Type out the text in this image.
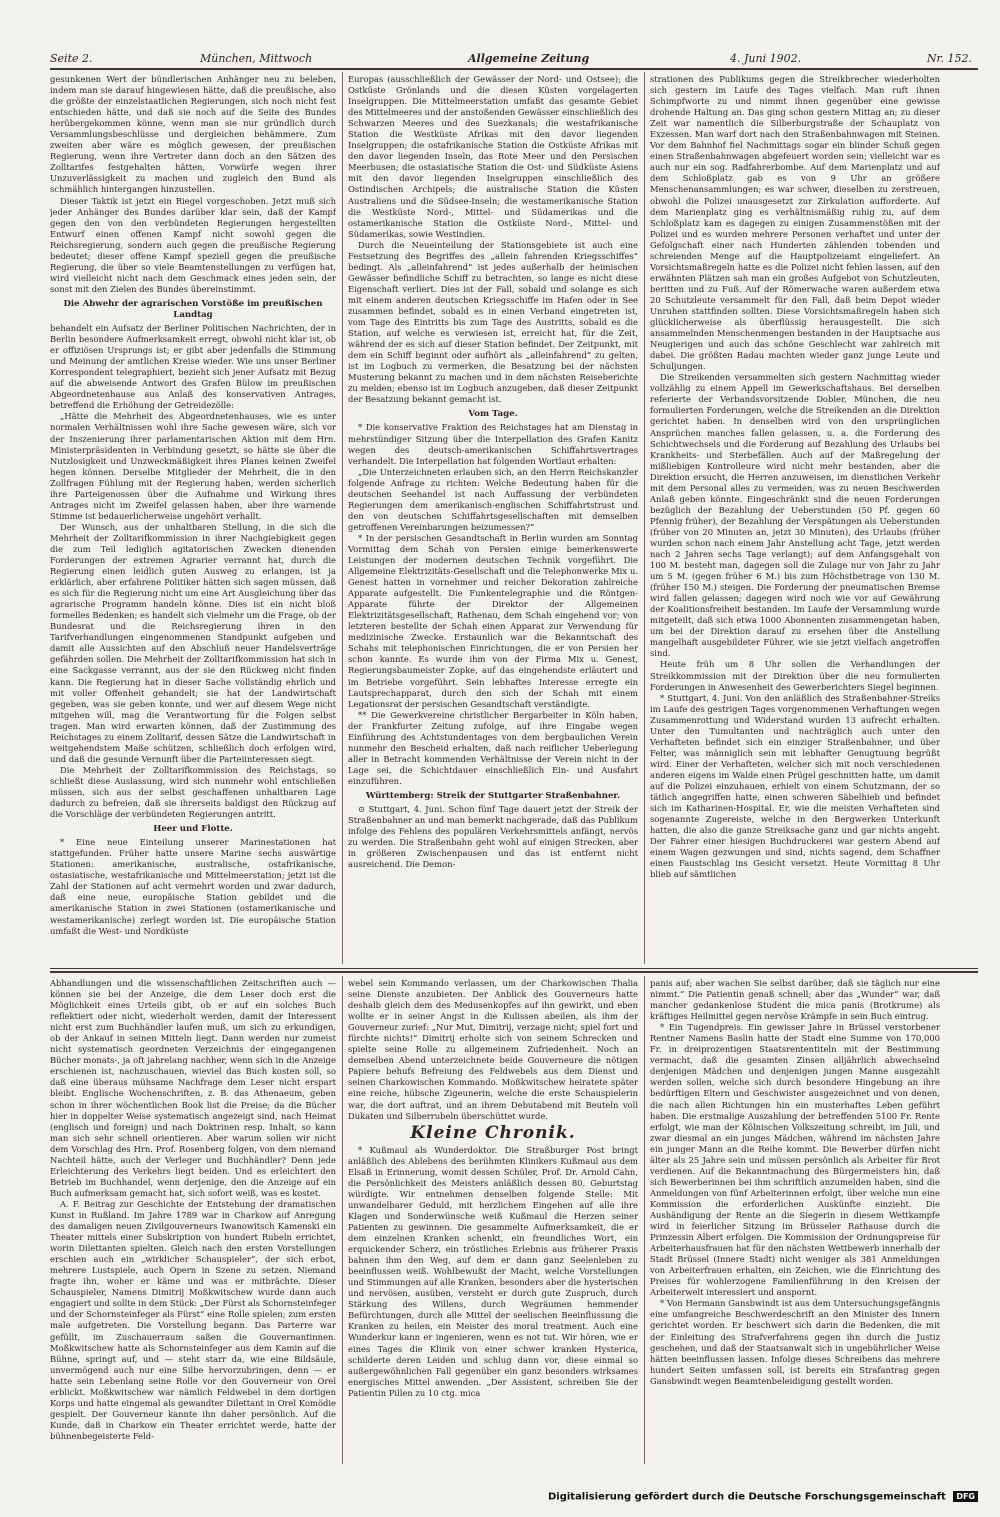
Seite 2.	München, Mittwoch	Allgemeine Zeitung	4. Juni 1902.	Nr. 152.

gesunkenen Wert der bündlerischen Anhänger neu zu beleben, indem man sie darauf hingewiesen hätte, daß die preußische, also die größte der einzelstaatlichen Regierungen, sich noch nicht fest entschieden hätte, und daß sie noch auf die Seite des Bundes herübergekommen könne, wenn man sie nur gründlich durch Versammlungsbeschlüsse und dergleichen behämmere. Zum zweiten aber wäre es möglich gewesen, der preußischen Regierung, wenn ihre Vertreter dann doch an den Sätzen des Zolltarifes festgehalten hätten, Vorwürfe wegen ihrer Unzuverlässigkeit zu machen und zugleich den Bund als schmählich hintergangen hinzustellen.

Dieser Taktik ist jetzt ein Riegel vorgeschoben. Jetzt muß sich jeder Anhänger des Bundes darüber klar sein, daß der Kampf gegen den von den verbündeten Regierungen hergestellten Entwurf einen offenen Kampf nicht sowohl gegen die Reichsregierung, sondern auch gegen die preußische Regierung bedeutet; dieser offene Kampf speziell gegen die preußische Regierung, die über so viele Beamtenstellungen zu verfügen hat, wird vielleicht nicht nach dem Geschmack eines jeden sein, der sonst mit den Zielen des Bundes übereinstimmt.

Die Abwehr der agrarischen Vorstöße im preußischen Landtag

behandelt ein Aufsatz der Berliner Politischen Nachrichten, der in Berlin besondere Aufmerksamkeit erregt, obwohl nicht klar ist, ob er offiziösen Ursprungs ist; er gibt aber jedenfalls die Stimmung und Meinung der amtlichen Kreise wieder. Wie uns unser Berliner Korrespondent telegraphiert, bezieht sich jener Aufsatz mit Bezug auf die abweisende Antwort des Grafen Bülow im preußischen Abgeordnetenhause aus Anlaß des konservativen Antrages, betreffend die Erhöhung der Getreidezölle:

„Hätte die Mehrheit des Abgeordnetenhauses, wie es unter normalen Verhältnissen wohl ihre Sache gewesen wäre, sich vor der Inszenierung ihrer parlamentarischen Aktion mit dem Hrn. Ministerpräsidenten in Verbindung gesetzt, so hätte sie über die Nutzlosigkeit und Unzweckmäßigkeit ihres Planes keinen Zweifel hegen können. Derselbe Mitglieder der Mehrheit, die in den Zollfragen Fühlung mit der Regierung haben, werden sicherlich ihre Parteigenossen über die Aufnahme und Wirkung ihres Antrages nicht im Zweifel gelassen haben, aber ihre warnende Stimme ist bedauerlicherweise ungehört verhallt.

Der Wunsch, aus der unhaltbaren Stellung, in die sich die Mehrheit der Zolltarifkommission in ihrer Nachgiebigkeit gegen die zum Teil lediglich agitatorischen Zwecken dienenden Forderungen der extremen Agrarier verrannt hat, durch die Regierung einen leidlich guten Ausweg zu erlangen, ist ja erklärlich, aber erfahrene Politiker hätten sich sagen müssen, daß es sich für die Regierung nicht um eine Art Ausgleichung über das agrarische Programm handeln könne. Dies ist ein nicht bloß formelles Bedenken; es handelt sich vielmehr um die Frage, ob der Bundesrat und die Reichsregierung ihren in den Tarifverhandlungen eingenommenen Standpunkt aufgeben und damit alle Aussichten auf den Abschluß neuer Handelsverträge gefährden sollen. Die Mehrheit der Zolltarifkommission hat sich in eine Sackgasse verrannt, aus der sie den Rückweg nicht finden kann. Die Regierung hat in dieser Sache vollständig ehrlich und mit voller Offenheit gehandelt; sie hat der Landwirtschaft gegeben, was sie geben konnte, und wer auf diesem Wege nicht mitgehen will, mag die Verantwortung für die Folgen selbst tragen. Man wird erwarten können, daß der Zustimmung des Reichstages zu einem Zolltarif, dessen Sätze die Landwirtschaft in weitgehendstem Maße schützen, schließlich doch erfolgen wird, und daß die gesunde Vernunft über die Parteiinteressen siegt.

Die Mehrheit der Zolltarifkommission des Reichstags, so schließt diese Auslassung, wird sich nunmehr wohl entschließen müssen, sich aus der selbst geschaffenen unhaltbaren Lage dadurch zu befreien, daß sie ihrerseits baldigst den Rückzug auf die Vorschläge der verbündeten Regierungen antritt.

Heer und Flotte.

* Eine neue Einteilung unserer Marinestationen hat stattgefunden. Früher hatte unsere Marine sechs auswärtige Stationen: amerikanische, australische, ostafrikanische, ostasiatische, westafrikanische und Mittelmeerstation; jetzt ist die Zahl der Stationen auf acht vermehrt worden und zwar dadurch, daß eine neue, europäische Station gebildet und die amerikanische Station in zwei Stationen (ostamerikanische und westamerikanische) zerlegt worden ist. Die europäische Station umfaßt die West- und Nordküste

Europas (ausschließlich der Gewässer der Nord- und Ostsee); die Ostküste Grönlands und die diesen Küsten vorgelagerten Inselgruppen. Die Mittelmeerstation umfaßt das gesamte Gebiet des Mittelmeeres und der anstoßenden Gewässer einschließlich des Schwarzen Meeres und des Suezkanals; die westafrikanische Station die Westküste Afrikas mit den davor liegenden Inselgruppen; die ostafrikanische Station die Ostküste Afrikas mit den davor liegenden Inseln, das Rote Meer und den Persischen Meerbusen; die ostasiatische Station die Ost- und Südküste Asiens mit den davor liegenden Inselgruppen einschließlich des Ostindischen Archipels; die australische Station die Küsten Australiens und die Südsee-Inseln; die westamerikanische Station die Westküste Nord-, Mittel- und Südamerikas und die ostamerikanische Station die Ostküste Nord-, Mittel- und Südamerikas, sowie Westindien.

Durch die Neueinteilung der Stationsgebiete ist auch eine Festsetzung des Begriffes des „allein fahrenden Kriegsschiffes“ bedingt. Als „alleinfahrend“ ist jedes außerhalb der heimischen Gewässer befindliche Schiff zu betrachten, so lange es nicht diese Eigenschaft verliert. Dies ist der Fall, sobald und solange es sich mit einem anderen deutschen Kriegsschiffe im Hafen oder in See zusammen befindet, sobald es in einen Verband eingetreten ist, vom Tage des Eintritts bis zum Tage des Austritts, sobald es die Station, auf welche es verwiesen ist, erreicht hat, für die Zeit, während der es sich auf dieser Station befindet. Der Zeitpunkt, mit dem ein Schiff beginnt oder aufhört als „alleinfahrend“ zu gelten, ist im Logbuch zu vermerken, die Besatzung bei der nächsten Musterung bekannt zu machen und in dem nächsten Reiseberichte zu melden; ebenso ist im Logbuch anzugeben, daß dieser Zeitpunkt der Besatzung bekannt gemacht ist.

Vom Tage.

* Die konservative Fraktion des Reichstages hat am Dienstag in mehrstündiger Sitzung über die Interpellation des Grafen Kanitz wegen des deutsch-amerikanischen Schiffahrtsvertrages verhandelt. Die Interpellation hat folgenden Wortlaut erhalten:

„Die Unterzeichneten erlauben sich, an den Herrn Reichskanzler folgende Anfrage zu richten: Welche Bedeutung haben für die deutschen Seehandel ist nach Auffassung der verbündeten Regierungen dem amerikanisch-englischen Schiffahrtstrust und den von deutschen Schiffahrtsgesellschaften mit demselben getroffenen Vereinbarungen beizumessen?“

* In der persischen Gesandtschaft in Berlin wurden am Sonntag Vormittag dem Schah von Persien einige bemerkenswerte Leistungen der modernen deutschen Technik vorgeführt. Die Allgemeine Elektrizitäts-Gesellschaft und die Telephonwerke Mix u. Genest hatten in vornehmer und reicher Dekoration zahlreiche Apparate aufgestellt. Die Funkentelegraphie und die Röntgen-Apparate führte der Direktor der Allgemeinen Elektrizitätsgesellschaft, Rathenau, dem Schah eingehend vor; von letzteren bestellte der Schah einen Apparat zur Verwendung für medizinische Zwecke. Erstaunlich war die Bekanntschaft des Schahs mit telephonischen Einrichtungen, die er von Persien her schon kannte. Es wurde ihm von der Firma Mix u. Genest, Regierungsbaumeister Zopke, auf das eingehendste erläutert und im Betriebe vorgeführt. Sein lebhaftes Interesse erregte ein Lautsprechapparat, durch den sich der Schah mit einem Legationsrat der persischen Gesandtschaft verständigte.

** Die Gewerkvereine christlicher Bergarbeiter in Köln haben, der Frankfurter Zeitung zufolge, auf ihre Eingabe wegen Einführung des Achtstundentages von dem bergbaulichen Verein nunmehr den Bescheid erhalten, daß nach reiflicher Ueberlegung aller in Betracht kommenden Verhältnisse der Verein nicht in der Lage sei, die Schichtdauer einschließlich Ein- und Ausfahrt einzuführen.

Württemberg: Streik der Stuttgarter Straßenbahner.

⊙ Stuttgart, 4. Juni. Schon fünf Tage dauert jetzt der Streik der Straßenbahner an und man bemerkt nachgerade, daß das Publikum infolge des Fehlens des populären Verkehrsmittels anfängt, nervös zu werden. Die Straßenbahn geht wohl auf einigen Strecken, aber in größeren Zwischenpausen und das ist entfernt nicht ausreichend. Die Demon-

strationen des Publikums gegen die Streikbrecher wiederholten sich gestern im Laufe des Tages vielfach. Man ruft ihnen Schimpfworte zu und nimmt ihnen gegenüber eine gewisse drohende Haltung an. Das ging schon gestern Mittag an; zu dieser Zeit war namentlich die Silberburgstraße der Schauplatz von Exzessen. Man warf dort nach den Straßenbahnwagen mit Steinen. Vor dem Bahnhof fiel Nachmittags sogar ein blinder Schuß gegen einen Straßenbahnwagen abgefeuert worden sein; vielleicht war es auch nur ein sog. Radfahrerbombe. Auf dem Marienplatz und auf dem Schloßplatz gab es von 9 Uhr an größere Menschenansammlungen; es war schwer, dieselben zu zerstreuen, obwohl die Polizei unausgesetzt zur Zirkulation aufforderte. Auf dem Marienplatz ging es verhältnismäßig ruhig zu, auf dem Schloßplatz kam es dagegen zu einigen Zusammenstößen mit der Polizei und es wurden mehrere Personen verhaftet und unter der Gefolgschaft einer nach Hunderten zählenden tobenden und schreienden Menge auf die Hauptpolizeiamt eingeliefert. An Vorsichtsmaßregeln hatte es die Polizei nicht fehlen lassen, auf den erwähnten Plätzen sah man ein großes Aufgebot von Schutzleuten, beritten und zu Fuß. Auf der Römerwache waren außerdem etwa 20 Schutzleute versammelt für den Fall, daß beim Depot wieder Unruhen stattfinden sollten. Diese Vorsichtsmaßregeln haben sich glücklicherweise als überflüssig herausgestellt. Die sich ansammelnden Menschenmengen bestanden in der Hauptsache aus Neugierigen und auch das schöne Geschlecht war zahlreich mit dabei. Die größten Radau machten wieder ganz junge Leute und Schuljungen.

Die Streikenden versammelten sich gestern Nachmittag wieder vollzählig zu einem Appell im Gewerkschaftshaus. Bei derselben referierte der Verbandsvorsitzende Dobler, München, die neu formulierten Forderungen, welche die Streikenden an die Direktion gerichtet haben. In denselben wird von den ursprünglichen Ansprüchen manches fallen gelassen, u. a. die Forderung des Schichtwechsels und die Forderung auf Bezahlung des Urlaubs bei Krankheits- und Sterbefällen. Auch auf der Maßregelung der mißliebigen Kontrolleure wird nicht mehr bestanden, aber die Direktion ersucht, die Herren anzuweisen, im dienstlichen Verkehr mit dem Personal alles zu vermeiden, was zu neuen Beschwerden Anlaß geben könnte. Eingeschränkt sind die neuen Forderungen bezüglich der Bezahlung der Ueberstunden (50 Pf. gegen 60 Pfennig früher), der Bezahlung der Verspätungen als Ueberstunden (früher von 20 Minuten an, jetzt 30 Minuten), des Urlaubs (früher wurden schon nach einem Jahr Anstellung acht Tage, jetzt werden nach 2 Jahren sechs Tage verlangt); auf dem Anfangsgehalt von 100 M. besteht man, dagegen soll die Zulage nur von Jahr zu Jahr um 5 M. (gegen früher 6 M.) bis zum Höchstbetrage von 130 M. (früher 150 M.) steigen. Die Forderung der pneumatischen Bremse wird fallen gelassen; dagegen wird noch wie vor auf Gewährung der Koalitionsfreiheit bestanden. Im Laufe der Versammlung wurde mitgeteilt, daß sich etwa 1000 Abonnenten zusammengetan haben, um bei der Direktion darauf zu ersehen über die Anstellung mangelhaft ausgebildeter Führer, wie sie jetzt vielfach angetroffen sind.

Heute früh um 8 Uhr sollen die Verhandlungen der Streikkommission mit der Direktion über die neu formulierten Forderungen in Anwesenheit des Gewerberichters Siegel beginnen.

* Stuttgart, 4. Juni. Von den anläßlich des Straßenbahner-Streiks im Laufe des gestrigen Tages vorgenommenen Verhaftungen wegen Zusammenrottung und Widerstand wurden 13 aufrecht erhalten. Unter den Tumultanten und nachträglich auch unter den Verhafteten befindet sich ein einziger Straßenbahner, und über Felter, was männiglich sein mit lebhafter Genugtuung begrüßt wird. Einer der Verhafteten, welcher sich mit noch verschiedenen anderen eigens im Walde einen Prügel geschnitten hatte, um damit auf die Polizei einzuhauen, erhielt von einem Schutzmann, der so tätlich angegriffen hatte, einen schweren Säbelhieb und befindet sich im Katharinen-Hospital. Er, wie die meisten Verhafteten sind sogenannte Zugereiste, welche in den Bergwerken Unterkunft hatten, die also die ganze Streiksache ganz und gar nichts angeht. Der Fahrer einer hiesigen Buchdruckerei war gestern Abend auf einem Wagen gezwungen und sind, nichts sagend, dem Schaffner einen Faustschlag ins Gesicht versetzt. Heute Vormittag 8 Uhr blieb auf sämtlichen

Abhandlungen und die wissenschaftlichen Zeitschriften auch — können sie bei der Anzeige, die dem Leser doch erst die Möglichkeit eines Urteils gibt, ob er auf ein solches Buch reflektiert oder nicht, wiederholt werden, damit der Interessent nicht erst zum Buchhändler laufen muß, um sich zu erkundigen, ob der Ankauf in seinen Mitteln liegt. Dann werden nur zumeist nicht systematisch geordneten Verzeichnis der eingegangenen Bücher monats-, ja oft jahrelang nachher, wenn sich in die Anzeige erschienen ist, nachzuschauen, wieviel das Buch kosten soll, so daß eine überaus mühsame Nachfrage dem Leser nicht erspart bleibt. Englische Wochenschriften, z. B. das Athenaeum, geben schon in ihrer wöchentlichen Book list die Preise; da die Bücher hier in doppelter Weise systematisch angezeigt sind, nach Heimat (englisch und foreign) und nach Doktrinen resp. Inhalt, so kann man sich sehr schnell orientieren. Aber warum sollen wir nicht dem Vorschlag des Hrn. Prof. Rosenberg folgen, von dem niemand Nachteil hätte, auch der Verleger und Buchhändler? Denn jede Erleichterung des Verkehrs liegt beiden. Und es erleichtert den Betrieb im Buchhandel, wenn derjenige, den die Anzeige auf ein Buch aufmerksam gemacht hat, sich sofort weiß, was es kostet.

A. F. Beitrag zur Geschichte der Entstehung der dramatischen Kunst in Rußland. Im Jahre 1789 war in Charkow auf Anregung des damaligen neuen Zivilgouverneurs Iwanowitsch Kamenski ein Theater mittels einer Subskription von hundert Rubeln errichtet, worin Dilettanten spielten. Gleich nach den ersten Vorstellungen erschien auch ein „wirklicher Schauspieler“, der sich erbot, mehrere Lustspiele, auch Opern in Szene zu setzen. Niemand fragte ihn, woher er käme und was er mitbrächte. Dieser Schauspieler, Namens Dimitrij Moßkwitschew wurde dann auch engagiert und sollte in dem Stück: „Der Fürst als Schornsteinfeger und der Schornsteinfeger als Fürst“ eine Rolle spielen; zum ersten male aufgetreten. Die Vorstellung begann. Das Parterre war gefüllt, im Zuschauerraum saßen die Gouvernantinnen. Moßkwitschew hatte als Schornsteinfeger aus dem Kamin auf die Bühne, springt auf, und — steht starr da, wie eine Bildsäule, unvermögend auch nur eine Silbe hervorzubringen, denn — er hatte sein Lebenlang seine Rolle vor den Gouverneur von Orel erblickt. Moßkwitschew war nämlich Feldwebel in dem dortigen Korps und hatte eingemal als gewandter Dilettant in Orel Komödie gespielt. Der Gouverneur kannte ihn daher persönlich. Auf die Kunde, daß in Charkow ein Theater errichtet werde, hatte der bühnenbegeisterte Feld-

webel sein Kommando verlassen, um der Charkowischen Thalia seine Dienste anzubieten. Der Anblick des Gouverneurs hatte deshalb gleich dem des Medusenkopfes auf ihn gewirkt, und eben wollte er in seiner Angst in die Kulissen abeilen, als ihm der Gouverneur zurief: „Nur Mut, Dimitrij, verzage nicht; spiel fort und fürchte nichts!“ Dimitrij erholte sich von seinem Schrecken und spielte seine Rolle zu allgemeinem Zufriedenheit. Noch an demselben Abend unterzeichnete beide Gouverneure die nötigen Papiere behufs Befreiung des Feldwebels aus dem Dienst und seinen Charkowischen Kommando. Moßkwitschew heiratete später eine reiche, hübsche Zigeunerin, welche die erste Schauspielerin war, die dort auftrat, und an ihrem Debutabend mit Beuteln voll Dukaten und Silberrubeln überschüttet wurde.

Kleine Chronik.

* Kußmaul als Wunderdoktor. Die Straßburger Post bringt anläßlich des Ablebens des berühmten Klinikers Kußmaul aus dem Elsaß in Erinnerung, womit dessen Schüler, Prof. Dr. Arnold Cahn, die Persönlichkeit des Meisters anläßlich dessen 80. Geburtstag würdigte. Wir entnehmen denselben folgende Stelle: Mit unwandelbarer Geduld, mit herzlichem Eingehen auf alle ihre Klagen und Sonderwünsche weiß Kußmaul die Herzen seiner Patienten zu gewinnen. Die gesammelte Aufmerksamkeit, die er dem einzelnen Kranken schenkt, ein freundliches Wort, ein erquickender Scherz, ein tröstliches Erlebnis aus früherer Praxis bahnen ihm den Weg, auf dem er dann ganz Seelenleben zu beeinflussen weiß. Wohlbewußt der Macht, welche Vorstellungen und Stimmungen auf alle Kranken, besonders aber die hysterischen und nervösen, ausüben, versteht er durch gute Zuspruch, durch Stärkung des Willens, durch Wegräumen hemmender Befürchtungen, durch alle Mittel der seelischen Beeinflussung die Kranken zu heilen, ein Meister des moral treatment. Auch eine Wunderkur kann er ingenieren, wenn es not tut. Wir hören, wie er eines Tages die Klinik von einer schwer kranken Hysterica, schilderte deren Leiden und schlug dann vor, diese einmal so außergewöhnlichen Fall gegenüber ein ganz besonders wirksames energisches Mittel anwenden. „Der Assistent, schreiben Sie der Patientin Pillen zu 10 ctg. mica

panis auf; aber wachen Sie selbst darüber, daß sie täglich nur eine nimmt.“ Die Patientin genaß schnell; aber das „Wunder“ war, daß mancher gedankenlose Student die mica panis (Brotkrume) als kräftiges Heilmittel gegen nervöse Krämpfe in sein Buch eintrug.

* Ein Tugendpreis. Ein gewisser Jahre in Brüssel verstorbener Rentner Namens Baslin hatte der Stadt eine Summe von 170,000 Fr. in dreiprozentigen Staatsrententiteln mit der Bestimmung vermacht, daß die gesamten Zinsen alljährlich abwechselnd denjenigen Mädchen und denjenigen jungen Manne ausgezahlt werden sollen, welche sich durch besondere Hingebung an ihre bedürftigen Eltern und Geschwister ausgezeichnet und von denen, die nach allen Richtungen hin ein musterhaftes Leben geführt haben. Die erstmalige Auszahlung der betreffenden 5100 Fr. Rente erfolgt, wie man der Kölnischen Volkszeitung schreibt, im Juli, und zwar diesmal an ein junges Mädchen, während im nächsten Jahre ein junger Mann an die Reihe kommt. Die Bewerber dürfen nicht älter als 25 Jahre sein und müssen persönlich als Arbeiter für Brot verdienen. Auf die Bekanntmachung des Bürgermeisters hin, daß sich Bewerberinnen bei ihm schriftlich anzumelden haben, sind die Anmeldungen von fünf Arbeiterinnen erfolgt, über welche nun eine Kommission die erforderlichen Auskünfte einzieht. Die Aushändigung der Rente an die Siegerin in diesem Wettkampfe wird in feierlicher Sitzung im Brüsseler Rathause durch die Prinzessin Albert erfolgen. Die Kommission der Ordnungspreise für Arbeiterhausfrauen hat für den nächsten Wettbewerb innerhalb der Stadt Brüssel (Innere Stadt) nicht weniger als 381 Anmeldungen von Arbeiterfrauen erhalten, ein Zeichen, wie die Einrichtung des Preises für wohlerzogene Familienführung in den Kreisen der Arbeiterwelt interessiert und anspornt.

* Von Hermann Gansbwindt ist aus dem Untersuchungsgefängnis eine umfangreiche Beschwerdeschrift an den Minister des Innern gerichtet worden. Er beschwert sich darin die Bedenken, die mit der Einleitung des Strafverfahrens gegen ihn durch die Justiz geschehen, und daß der Staatsanwalt sich in ungebührlicher Weise hätten beeinflussen lassen. Infolge dieses Schreibens das mehrere hundert Seiten umfassen soll, ist bereits ein Strafantrag gegen Gansbwindt wegen Beamtenbeleidigung gestellt worden.

Digitalisierung gefördert durch die Deutsche Forschungsgemeinschaft DFG
